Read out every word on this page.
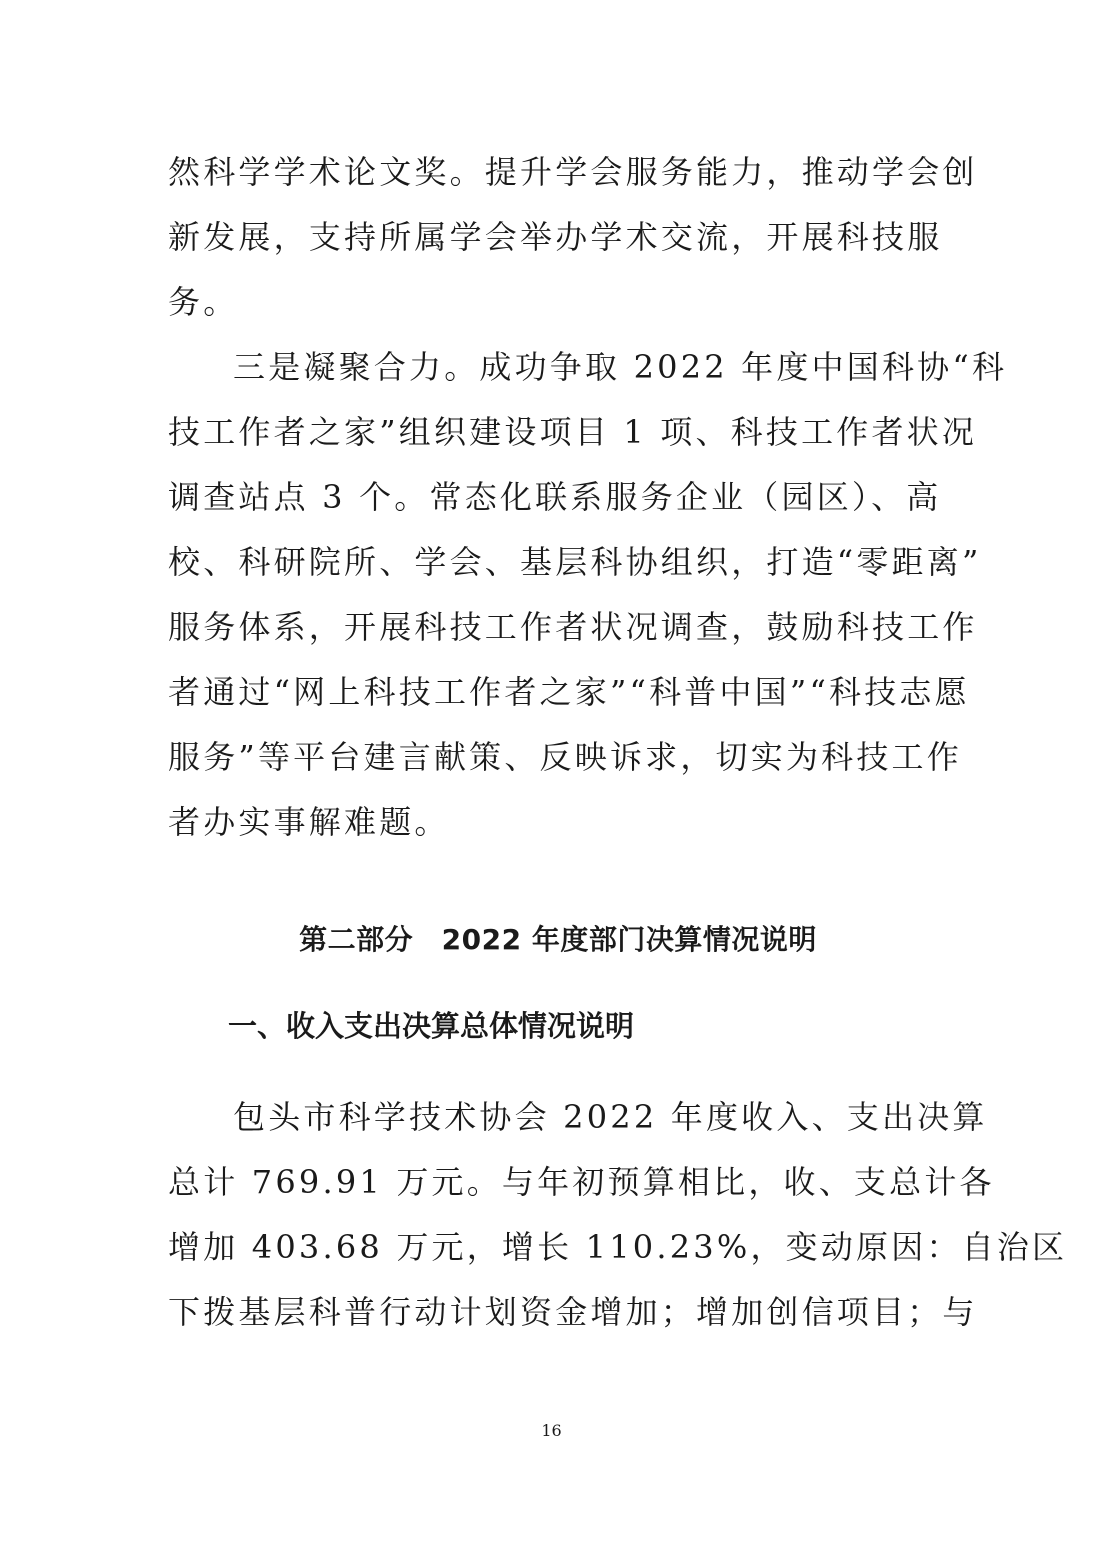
然科学学术论文奖。提升学会服务能力，推动学会创
新发展，支持所属学会举办学术交流，开展科技服
务。
三是凝聚合力。成功争取 2022 年度中国科协“科
技工作者之家”组织建设项目 1 项、科技工作者状况
调查站点 3 个。常态化联系服务企业（园区）、高
校、科研院所、学会、基层科协组织，打造“零距离”
服务体系，开展科技工作者状况调查，鼓励科技工作
者通过“网上科技工作者之家”“科普中国”“科技志愿
服务”等平台建言献策、反映诉求，切实为科技工作
者办实事解难题。
第二部分　2022 年度部门决算情况说明
一、收入支出决算总体情况说明
包头市科学技术协会 2022 年度收入、支出决算
总计 769.91 万元。与年初预算相比，收、支总计各
增加 403.68 万元，增长 110.23%，变动原因：自治区
下拨基层科普行动计划资金增加；增加创信项目；与
16
